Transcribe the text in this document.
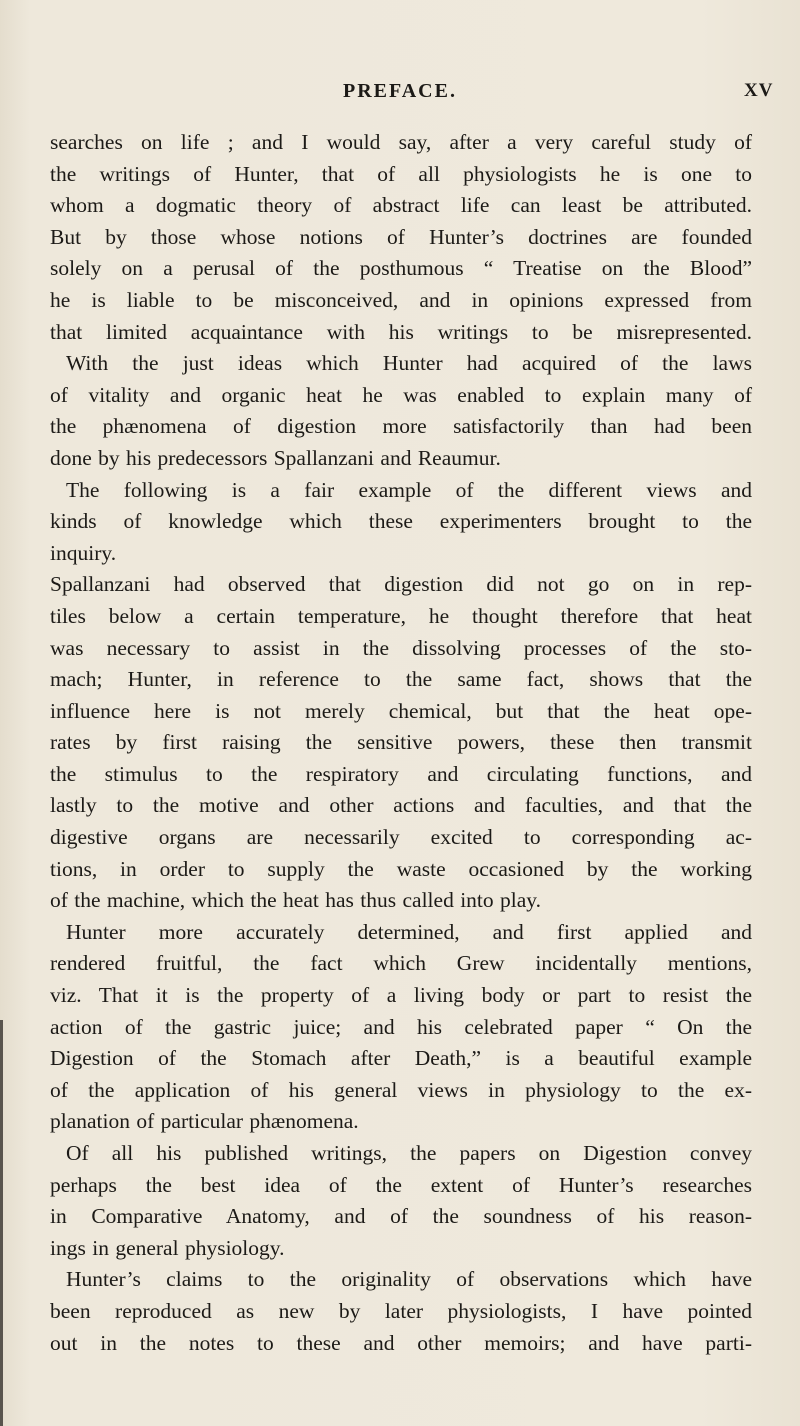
PREFACE.	XV
searches on life ; and I would say, after a very careful study of
the writings of Hunter, that of all physiologists he is one to
whom a dogmatic theory of abstract life can least be attributed.
But by those whose notions of Hunter’s doctrines are founded
solely on a perusal of the posthumous “ Treatise on the Blood”
he is liable to be misconceived, and in opinions expressed from
that limited acquaintance with his writings to be misrepresented.
With the just ideas which Hunter had acquired of the laws
of vitality and organic heat he was enabled to explain many of
the phænomena of digestion more satisfactorily than had been
done by his predecessors Spallanzani and Reaumur.
The following is a fair example of the different views and
kinds of knowledge which these experimenters brought to the
inquiry.
Spallanzani had observed that digestion did not go on in rep-
tiles below a certain temperature, he thought therefore that heat
was necessary to assist in the dissolving processes of the sto-
mach; Hunter, in reference to the same fact, shows that the
influence here is not merely chemical, but that the heat ope-
rates by first raising the sensitive powers, these then transmit
the stimulus to the respiratory and circulating functions, and
lastly to the motive and other actions and faculties, and that the
digestive organs are necessarily excited to corresponding ac-
tions, in order to supply the waste occasioned by the working
of the machine, which the heat has thus called into play.
Hunter more accurately determined, and first applied and
rendered fruitful, the fact which Grew incidentally mentions,
viz. That it is the property of a living body or part to resist the
action of the gastric juice; and his celebrated paper “ On the
Digestion of the Stomach after Death,” is a beautiful example
of the application of his general views in physiology to the ex-
planation of particular phænomena.
Of all his published writings, the papers on Digestion convey
perhaps the best idea of the extent of Hunter’s researches
in Comparative Anatomy, and of the soundness of his reason-
ings in general physiology.
Hunter’s claims to the originality of observations which have
been reproduced as new by later physiologists, I have pointed
out in the notes to these and other memoirs; and have parti-
